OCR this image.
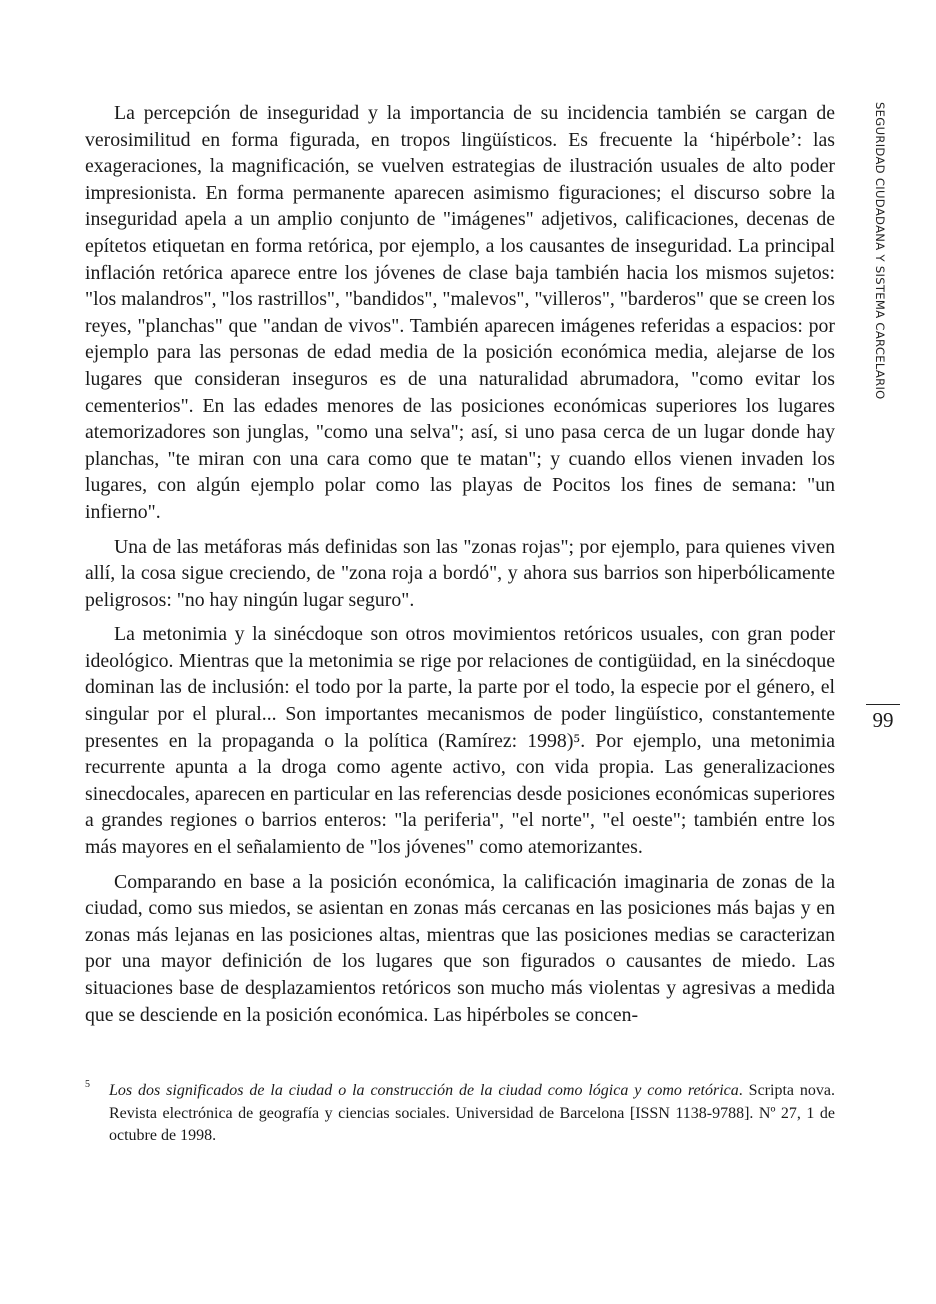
La percepción de inseguridad y la importancia de su incidencia también se cargan de verosimilitud en forma figurada, en tropos lingüísticos. Es frecuente la ‘hipérbole’: las exageraciones, la magnificación, se vuelven estrategias de ilustración usuales de alto poder impresionista. En forma permanente aparecen asimismo figuraciones; el discurso sobre la inseguridad apela a un amplio conjunto de "imágenes" adjetivos, calificaciones, decenas de epítetos etiquetan en forma retórica, por ejemplo, a los causantes de inseguridad. La principal inflación retórica aparece entre los jóvenes de clase baja también hacia los mismos sujetos: "los malandros", "los rastrillos", "bandidos", "malevos", "villeros", "barderos" que se creen los reyes, "planchas" que "andan de vivos". También aparecen imágenes referidas a espacios: por ejemplo para las personas de edad media de la posición económica media, alejarse de los lugares que consideran inseguros es de una naturalidad abrumadora, "como evitar los cementerios". En las edades menores de las posiciones económicas superiores los lugares atemorizadores son junglas, "como una selva"; así, si uno pasa cerca de un lugar donde hay planchas, "te miran con una cara como que te matan"; y cuando ellos vienen invaden los lugares, con algún ejemplo polar como las playas de Pocitos los fines de semana: "un infierno".

Una de las metáforas más definidas son las "zonas rojas"; por ejemplo, para quienes viven allí, la cosa sigue creciendo, de "zona roja a bordó", y ahora sus barrios son hiperbólicamente peligrosos: "no hay ningún lugar seguro".

La metonimia y la sinécdoque son otros movimientos retóricos usuales, con gran poder ideológico. Mientras que la metonimia se rige por relaciones de contigüidad, en la sinécdoque dominan las de inclusión: el todo por la parte, la parte por el todo, la especie por el género, el singular por el plural... Son importantes mecanismos de poder lingüístico, constantemente presentes en la propaganda o la política (Ramírez: 1998)⁵. Por ejemplo, una metonimia recurrente apunta a la droga como agente activo, con vida propia. Las generalizaciones sinecdocales, aparecen en particular en las referencias desde posiciones económicas superiores a grandes regiones o barrios enteros: "la periferia", "el norte", "el oeste"; también entre los más mayores en el señalamiento de "los jóvenes" como atemorizantes.

Comparando en base a la posición económica, la calificación imaginaria de zonas de la ciudad, como sus miedos, se asientan en zonas más cercanas en las posiciones más bajas y en zonas más lejanas en las posiciones altas, mientras que las posiciones medias se caracterizan por una mayor definición de los lugares que son figurados o causantes de miedo. Las situaciones base de desplazamientos retóricos son mucho más violentas y agresivas a medida que se desciende en la posición económica. Las hipérboles se concen-

SEGURIDAD CIUDADANA Y SISTEMA CARCELARIO
99
5 Los dos significados de la ciudad o la construcción de la ciudad como lógica y como retórica. Scripta nova. Revista electrónica de geografía y ciencias sociales. Universidad de Barcelona [ISSN 1138-9788]. Nº 27, 1 de octubre de 1998.
